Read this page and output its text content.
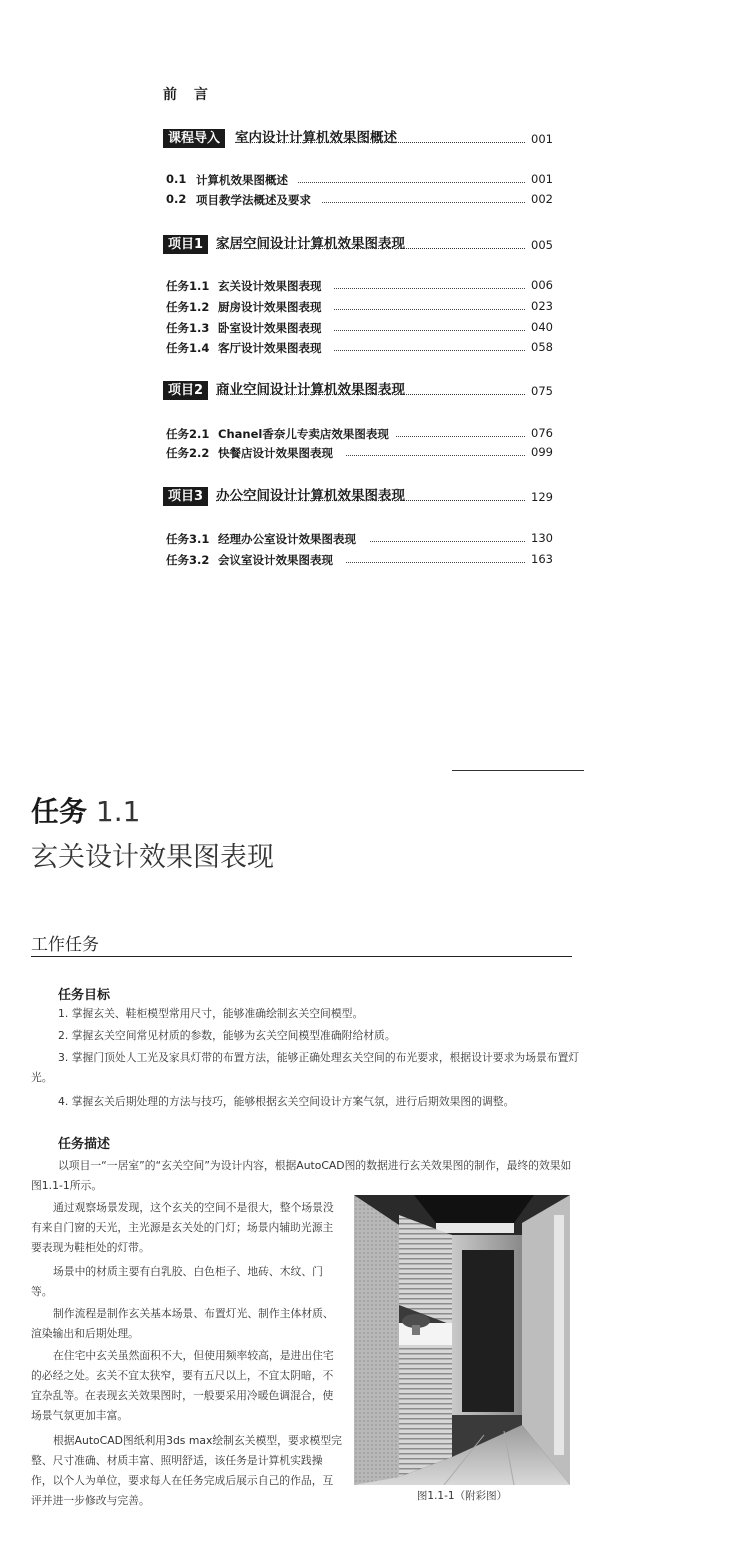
前 言
课程导入	室内设计计算机效果图概述	001
0.1 计算机效果图概述	001
0.2 项目教学法概述及要求	002
项目1 家居空间设计计算机效果图表现	005
任务1.1 玄关设计效果图表现	006
任务1.2 厨房设计效果图表现	023
任务1.3 卧室设计效果图表现	040
任务1.4 客厅设计效果图表现	058
项目2 商业空间设计计算机效果图表现	075
任务2.1 Chanel香奈儿专卖店效果图表现	076
任务2.2 快餐店设计效果图表现	099
项目3 办公空间设计计算机效果图表现	129
任务3.1 经理办公室设计效果图表现	130
任务3.2 会议室设计效果图表现	163
任务 1.1
玄关设计效果图表现
工作任务
任务目标
1. 掌握玄关、鞋柜模型常用尺寸，能够准确绘制玄关空间模型。
2. 掌握玄关空间常见材质的参数，能够为玄关空间模型准确附给材质。
3. 掌握门顶处人工光及家具灯带的布置方法，能够正确处理玄关空间的布光要求，根据设计要求为场景布置灯光。
4. 掌握玄关后期处理的方法与技巧，能够根据玄关空间设计方案气氛，进行后期效果图的调整。
任务描述
以项目一“一居室”的“玄关空间”为设计内容，根据AutoCAD图的数据进行玄关效果图的制作，最终的效果如图1.1-1所示。
通过观察场景发现，这个玄关的空间不是很大，整个场景没有来自门窗的天光，主光源是玄关处的门灯；场景内辅助光源主要表现为鞋柜处的灯带。
场景中的材质主要有白乳胶、白色柜子、地砖、木纹、门等。
制作流程是制作玄关基本场景、布置灯光、制作主体材质、渲染输出和后期处理。
在住宅中玄关虽然面积不大，但使用频率较高，是进出住宅的必经之处。玄关不宜太狭窄，要有五尺以上，不宜太阴暗，不宜杂乱等。在表现玄关效果图时，一般要采用冷暖色调混合，使场景气氛更加丰富。
根据AutoCAD图纸利用3ds max绘制玄关模型，要求模型完整、尺寸准确、材质丰富、照明舒适，该任务是计算机实践操作，以个人为单位，要求每人在任务完成后展示自己的作品，互评并进一步修改与完善。	图1.1-1（附彩图）
